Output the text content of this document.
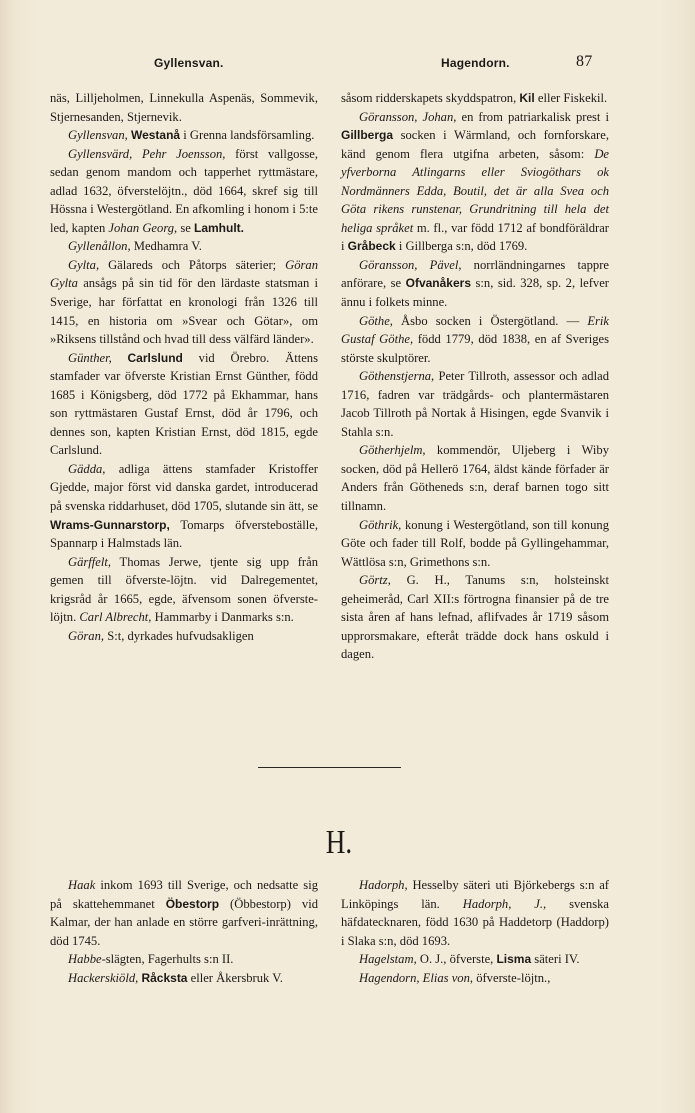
Gyllensvan.	Hagendorn.	87

näs, Lilljeholmen, Linnekulla Aspenäs, Sommevik, Stjernesanden, Stjernevik.

Gyllensvan, Westanå i Grenna landsförsamling.

Gyllensvärd, Pehr Joensson, först vallgosse, sedan genom mandom och tapperhet ryttmästare, adlad 1632, öfverstelöjtn., död 1664, skref sig till Hössna i Westergötland. En afkomling i honom i 5:te led, kapten Johan Georg, se Lamhult.

Gyllenållon, Medhamra V.

Gylta, Gälareds och Påtorps säterier; Göran Gylta ansågs på sin tid för den lärdaste statsman i Sverige, har författat en kronologi från 1326 till 1415, en historia om »Svear och Götar», om »Riksens tillstånd och hvad till dess välfärd länder».

Günther, Carlslund vid Örebro. Ättens stamfader var öfverste Kristian Ernst Günther, född 1685 i Königsberg, död 1772 på Ekhammar, hans son ryttmästaren Gustaf Ernst, död år 1796, och dennes son, kapten Kristian Ernst, död 1815, egde Carlslund.

Gädda, adliga ättens stamfader Kristoffer Gjedde, major först vid danska gardet, introducerad på svenska riddarhuset, död 1705, slutande sin ätt, se Wrams-Gunnarstorp, Tomarps öfversteboställe, Spannarp i Halmstads län.

Gärffelt, Thomas Jerwe, tjente sig upp från gemen till öfverste-löjtn. vid Dalregementet, krigsråd år 1665, egde, äfvensom sonen öfverste-löjtn. Carl Albrecht, Hammarby i Danmarks s:n.

Göran, S:t, dyrkades hufvudsakligen

såsom ridderskapets skyddspatron, Kil eller Fiskekil.

Göransson, Johan, en from patriarkalisk prest i Gillberga socken i Wärmland, och fornforskare, känd genom flera utgifna arbeten, såsom: De yfverborna Atlingarns eller Sviogöthars ok Nordmänners Edda, Boutil, det är alla Svea och Göta rikens runstenar, Grundritning till hela det heliga språket m. fl., var född 1712 af bondföräldrar i Gråbeck i Gillberga s:n, död 1769.

Göransson, Pävel, norrländningarnes tappre anförare, se Ofvanåkers s:n, sid. 328, sp. 2, lefver ännu i folkets minne.

Göthe, Åsbo socken i Östergötland. — Erik Gustaf Göthe, född 1779, död 1838, en af Sveriges störste skulptörer.

Göthenstjerna, Peter Tillroth, assessor och adlad 1716, fadren var trädgårds- och plantermästaren Jacob Tillroth på Nortak å Hisingen, egde Svanvik i Stahla s:n.

Götherhjelm, kommendör, Uljeberg i Wiby socken, död på Hellerö 1764, äldst kände förfader är Anders från Götheneds s:n, deraf barnen togo sitt tillnamn.

Göthrik, konung i Westergötland, son till konung Göte och fader till Rolf, bodde på Gyllingehammar, Wättlösa s:n, Grimethons s:n.

Görtz, G. H., Tanums s:n, holsteinskt geheimeråd, Carl XII:s förtrogna finansier på de tre sista åren af hans lefnad, aflifvades år 1719 såsom upprorsmakare, efteråt trädde dock hans oskuld i dagen.

H.

Haak inkom 1693 till Sverige, och nedsatte sig på skattehemmanet Öbestorp (Öbbestorp) vid Kalmar, der han anlade en större garfveri-inrättning, död 1745.

Habbe-slägten, Fagerhults s:n II.

Hackerskiöld, Råcksta eller Åkersbruk V.

Hadorph, Hesselby säteri uti Björkebergs s:n af Linköpings län. Hadorph, J., svenska häfdatecknaren, född 1630 på Haddetorp (Haddorp) i Slaka s:n, död 1693.

Hagelstam, O. J., öfverste, Lisma säteri IV.

Hagendorn, Elias von, öfverste-löjtn.,
